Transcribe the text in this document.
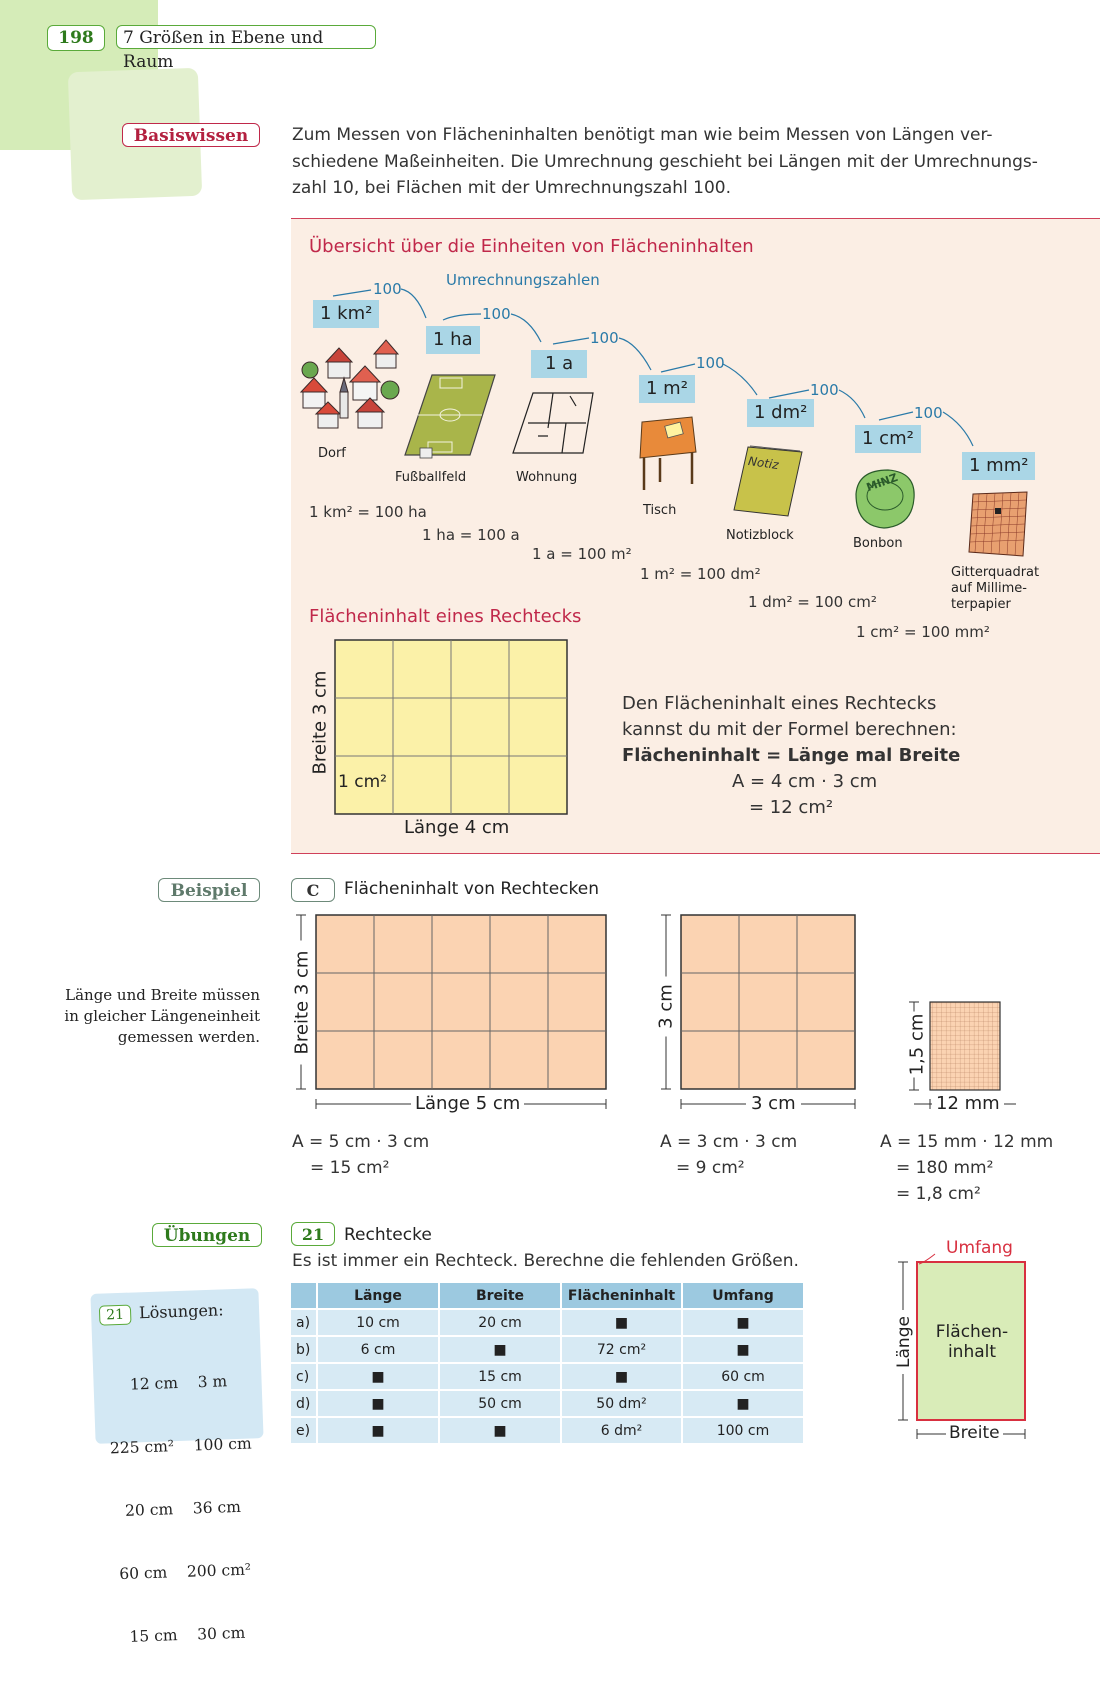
198	7 Größen in Ebene und Raum
Basiswissen	Zum Messen von Flächeninhalten benötigt man wie beim Messen von Längen ver-
schiedene Maßeinheiten. Die Umrechnung geschieht bei Längen mit der Umrechnungs-
zahl 10, bei Flächen mit der Umrechnungszahl 100.
Übersicht über die Einheiten von Flächeninhalten
Umrechnungszahlen
100
100
100
100
100
100
1 km²
1 ha
1 a
1 m²
1 dm²
1 cm²
1 mm²
Notiz
MINZ
Dorf
Fußballfeld	Wohnung
Tisch
Notizblock
Bonbon
Gitterquadrat
auf Millime-
terpapier
1 km² = 100 ha
1 ha = 100 a
1 a = 100 m²
1 m² = 100 dm²
1 dm² = 100 cm²
1 cm² = 100 mm²
Flächeninhalt eines Rechtecks
1 cm²
Länge 4 cm
Breite 3 cm	Den Flächeninhalt eines Rechtecks
kannst du mit der Formel berechnen:
Flächeninhalt = Länge mal Breite
A = 4 cm · 3 cm
= 12 cm²
Beispiel
Länge und Breite müssen
in gleicher Längeneinheit
gemessen werden.
C	Flächeninhalt von Rechtecken
Länge 5 cm
Breite 3 cm
A = 5 cm · 3 cm
= 15 cm²
3 cm
3 cm
A = 3 cm · 3 cm
= 9 cm²
12 mm
1,5 cm
A = 15 mm · 12 mm
= 180 mm²
= 1,8 cm²
Übungen
21 Lösungen:

12 cm    3 m

225 cm²    100 cm

20 cm    36 cm

60 cm    200 cm²

15 cm    30 cm

21	Rechtecke
Es ist immer ein Rechteck. Berechne die fehlenden Größen.
	Länge	Breite	Flächeninhalt	Umfang
a)	10 cm	20 cm	■	■
b)	6 cm	■	72 cm²	■
c)	■	15 cm	■	60 cm
d)	■	50 cm	50 dm²	■
e)	■	■	6 dm²	100 cm
Umfang
Flächen-
inhalt
Länge
Breite
